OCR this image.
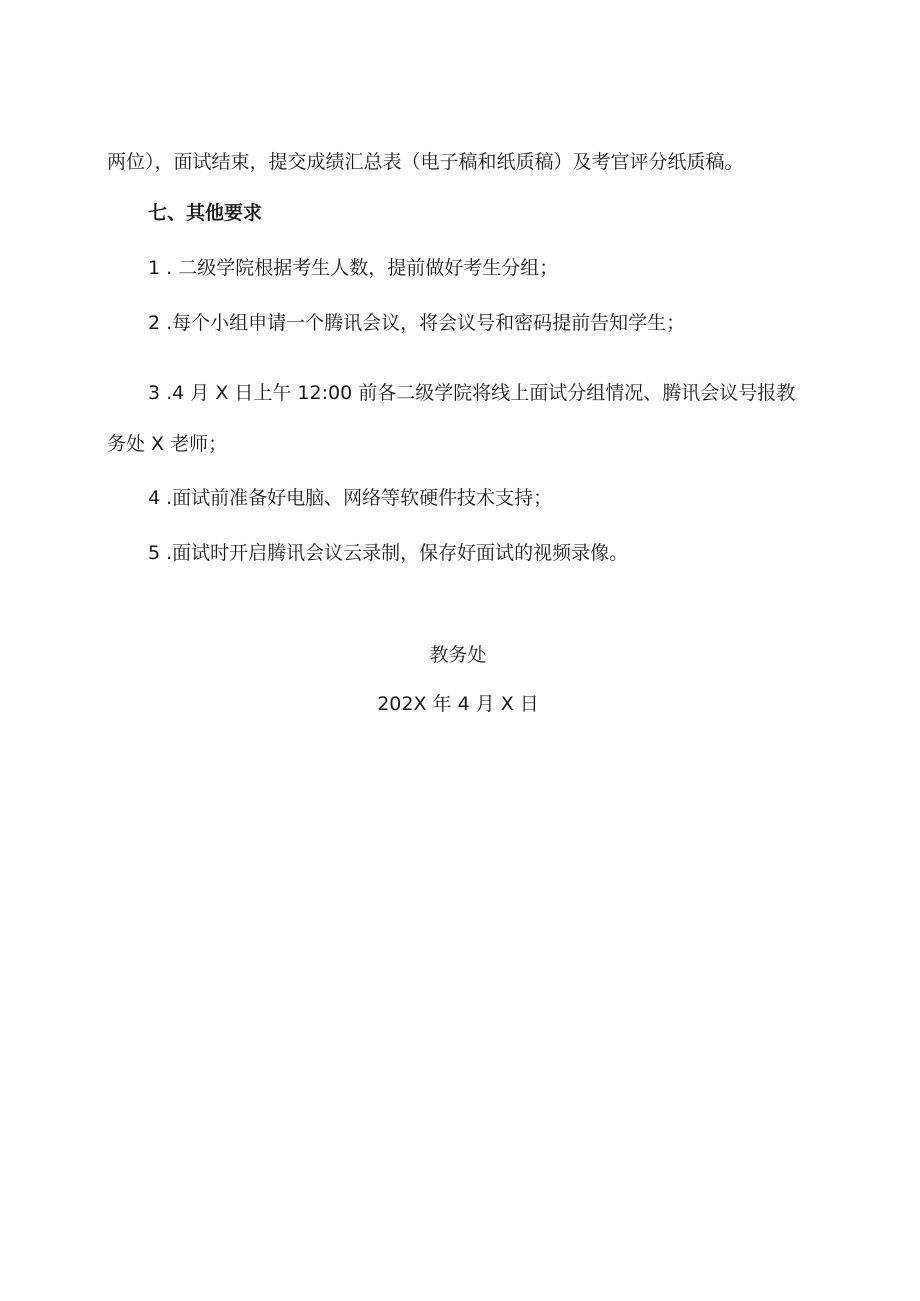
两位），面试结束，提交成绩汇总表（电子稿和纸质稿）及考官评分纸质稿。
七、其他要求
1 . 二级学院根据考生人数，提前做好考生分组；
2 .每个小组申请一个腾讯会议，将会议号和密码提前告知学生；
3 .4 月 X 日上午 12:00 前各二级学院将线上面试分组情况、腾讯会议号报教
务处 X 老师；
4 .面试前准备好电脑、网络等软硬件技术支持；
5 .面试时开启腾讯会议云录制，保存好面试的视频录像。
教务处
202X 年 4 月 X 日
